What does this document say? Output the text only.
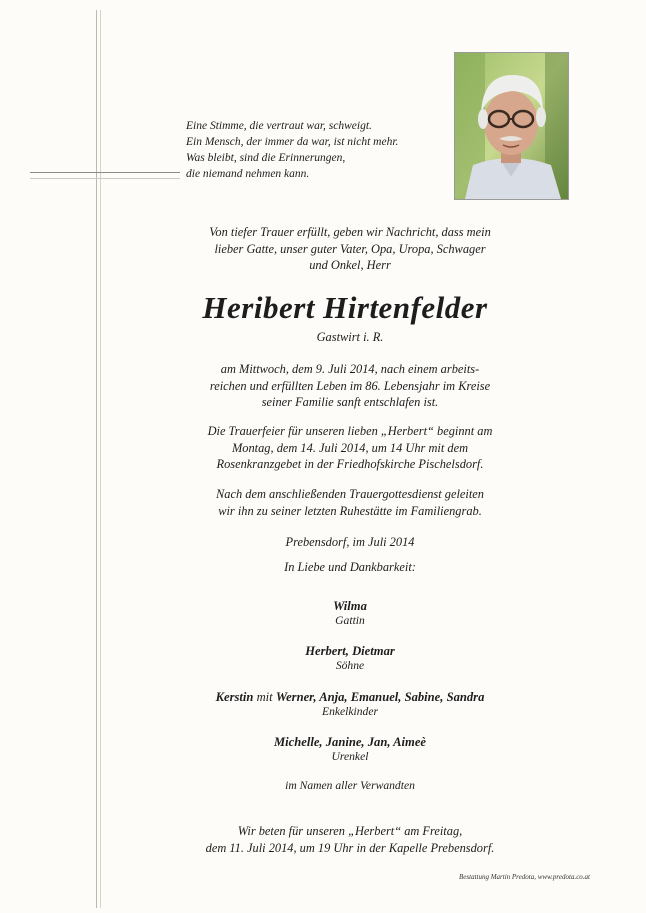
Eine Stimme, die vertraut war, schweigt.
Ein Mensch, der immer da war, ist nicht mehr.
Was bleibt, sind die Erinnerungen,
die niemand nehmen kann.
Von tiefer Trauer erfüllt, geben wir Nachricht, dass mein
lieber Gatte, unser guter Vater, Opa, Uropa, Schwager
und Onkel, Herr
Heribert Hirtenfelder
Gastwirt i. R.
am Mittwoch, dem 9. Juli 2014, nach einem arbeits-
reichen und erfüllten Leben im 86. Lebensjahr im Kreise
seiner Familie sanft entschlafen ist.
Die Trauerfeier für unseren lieben „Herbert“ beginnt am
Montag, dem 14. Juli 2014, um 14 Uhr mit dem
Rosenkranzgebet in der Friedhofskirche Pischelsdorf.
Nach dem anschließenden Trauergottesdienst geleiten
wir ihn zu seiner letzten Ruhestätte im Familiengrab.
Prebensdorf, im Juli 2014
In Liebe und Dankbarkeit:
Wilma
Gattin
Herbert, Dietmar
Söhne
Kerstin mit Werner, Anja, Emanuel, Sabine, Sandra
Enkelkinder
Michelle, Janine, Jan, Aimeè
Urenkel
im Namen aller Verwandten
Wir beten für unseren „Herbert“ am Freitag,
dem 11. Juli 2014, um 19 Uhr in der Kapelle Prebensdorf.
Bestattung Martin Predota, www.predota.co.at
